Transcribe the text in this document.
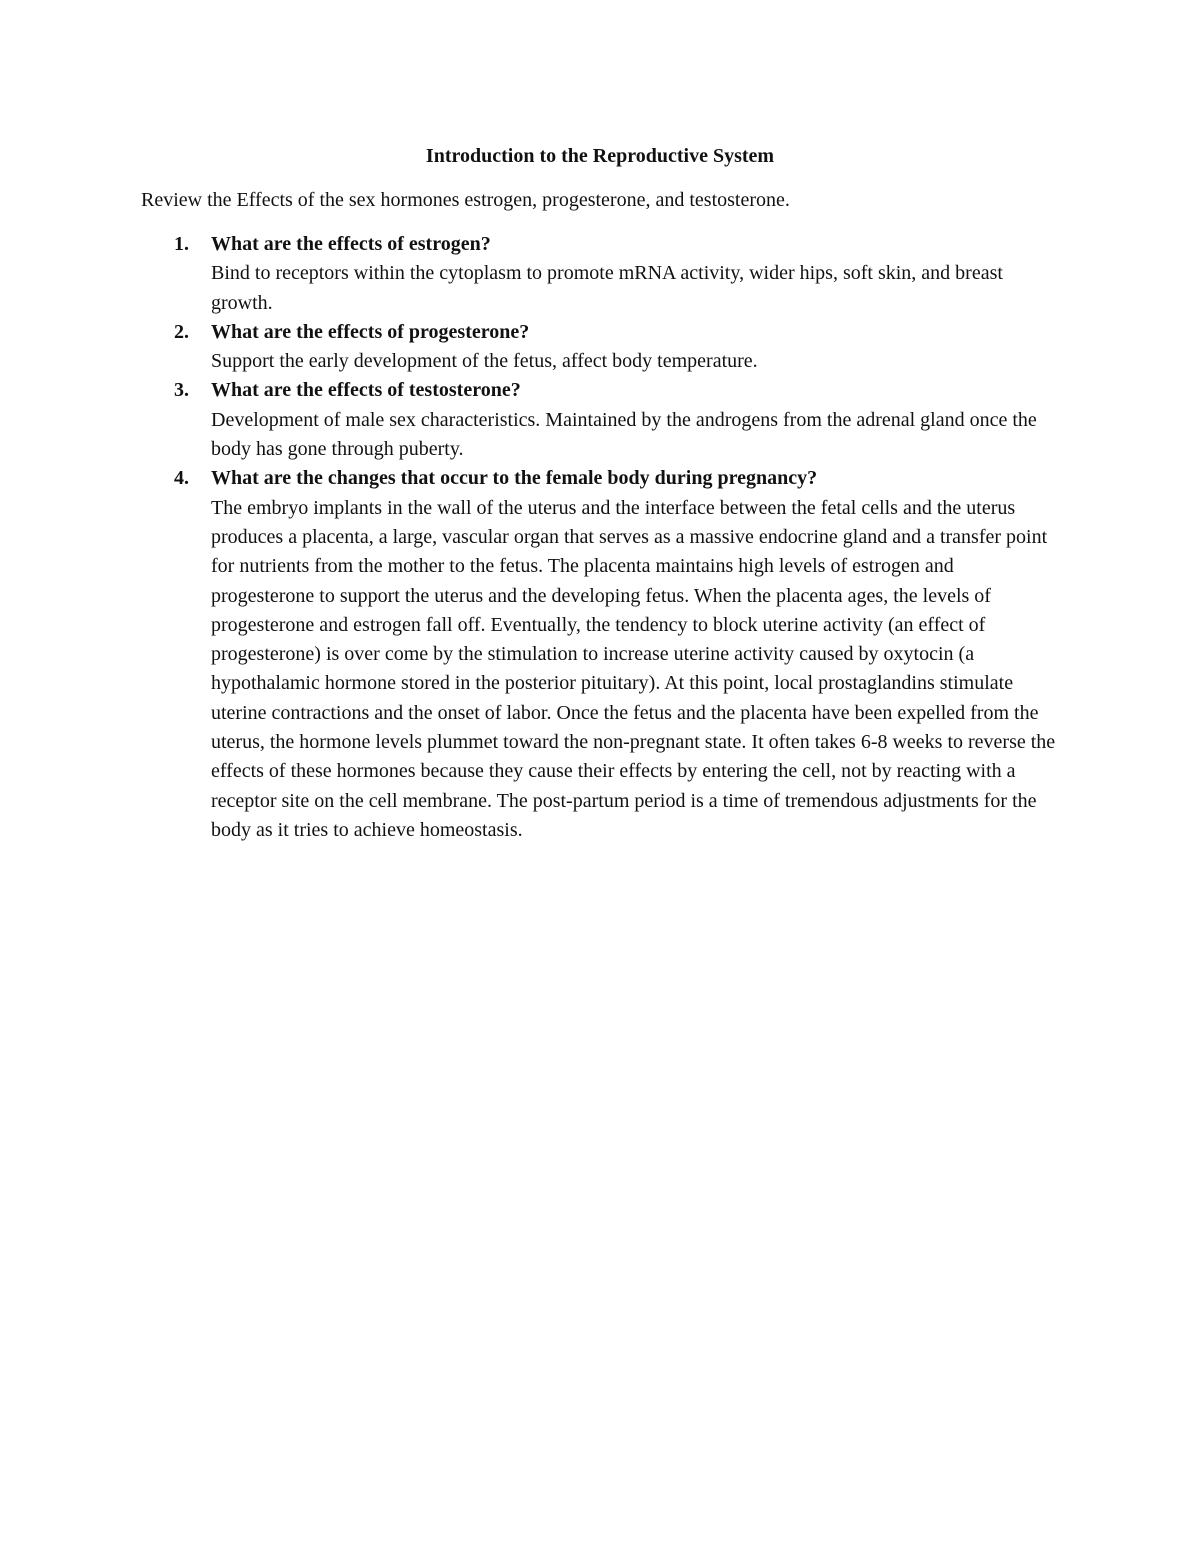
Introduction to the Reproductive System

Review the Effects of the sex hormones estrogen, progesterone, and testosterone.

1. What are the effects of estrogen?
Bind to receptors within the cytoplasm to promote mRNA activity, wider hips, soft skin, and breast growth.
2. What are the effects of progesterone?
Support the early development of the fetus, affect body temperature.
3. What are the effects of testosterone?
Development of male sex characteristics. Maintained by the androgens from the adrenal gland once the body has gone through puberty.
4. What are the changes that occur to the female body during pregnancy?
The embryo implants in the wall of the uterus and the interface between the fetal cells and the uterus produces a placenta, a large, vascular organ that serves as a massive endocrine gland and a transfer point for nutrients from the mother to the fetus. The placenta maintains high levels of estrogen and progesterone to support the uterus and the developing fetus. When the placenta ages, the levels of progesterone and estrogen fall off. Eventually, the tendency to block uterine activity (an effect of progesterone) is over come by the stimulation to increase uterine activity caused by oxytocin (a hypothalamic hormone stored in the posterior pituitary). At this point, local prostaglandins stimulate uterine contractions and the onset of labor. Once the fetus and the placenta have been expelled from the uterus, the hormone levels plummet toward the non-pregnant state. It often takes 6-8 weeks to reverse the effects of these hormones because they cause their effects by entering the cell, not by reacting with a receptor site on the cell membrane. The post-partum period is a time of tremendous adjustments for the body as it tries to achieve homeostasis.
